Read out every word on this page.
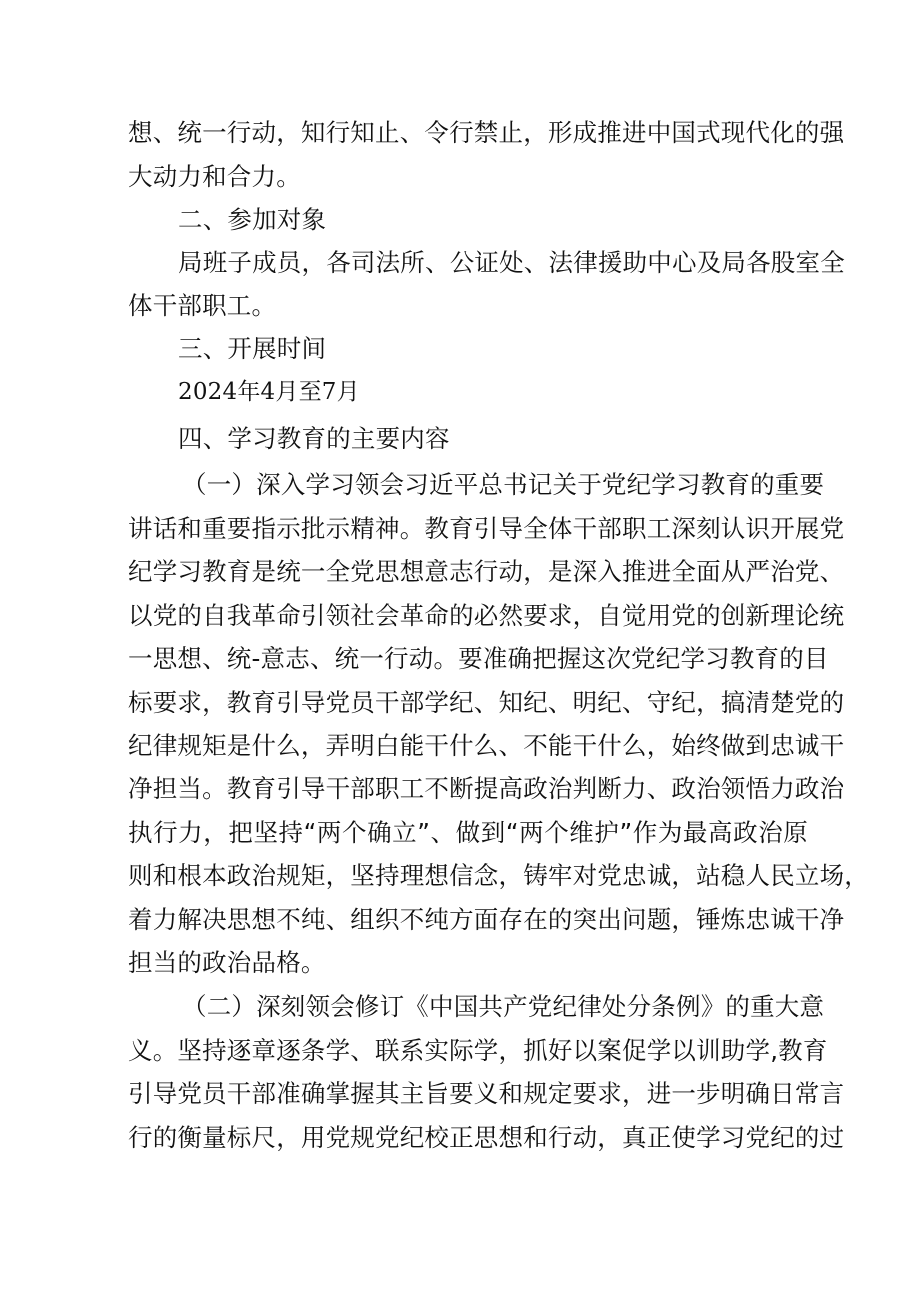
想、统一行动，知行知止、令行禁止，形成推进中国式现代化的强
大动力和合力。
二、参加对象
局班子成员，各司法所、公证处、法律援助中心及局各股室全
体干部职工。
三、开展时间
2024年4月至7月
四、学习教育的主要内容
（一）深入学习领会习近平总书记关于党纪学习教育的重要
讲话和重要指示批示精神。教育引导全体干部职工深刻认识开展党
纪学习教育是统一全党思想意志行动，是深入推进全面从严治党、
以党的自我革命引领社会革命的必然要求，自觉用党的创新理论统
一思想、统-意志、统一行动。要准确把握这次党纪学习教育的目
标要求，教育引导党员干部学纪、知纪、明纪、守纪，搞清楚党的
纪律规矩是什么，弄明白能干什么、不能干什么，始终做到忠诚干
净担当。教育引导干部职工不断提高政治判断力、政治领悟力政治
执行力，把坚持“两个确立”、做到“两个维护”作为最高政治原
则和根本政治规矩，坚持理想信念，铸牢对党忠诚，站稳人民立场，
着力解决思想不纯、组织不纯方面存在的突出问题，锤炼忠诚干净
担当的政治品格。
（二）深刻领会修订《中国共产党纪律处分条例》的重大意
义。坚持逐章逐条学、联系实际学，抓好以案促学以训助学,教育
引导党员干部准确掌握其主旨要义和规定要求，进一步明确日常言
行的衡量标尺，用党规党纪校正思想和行动，真正使学习党纪的过
